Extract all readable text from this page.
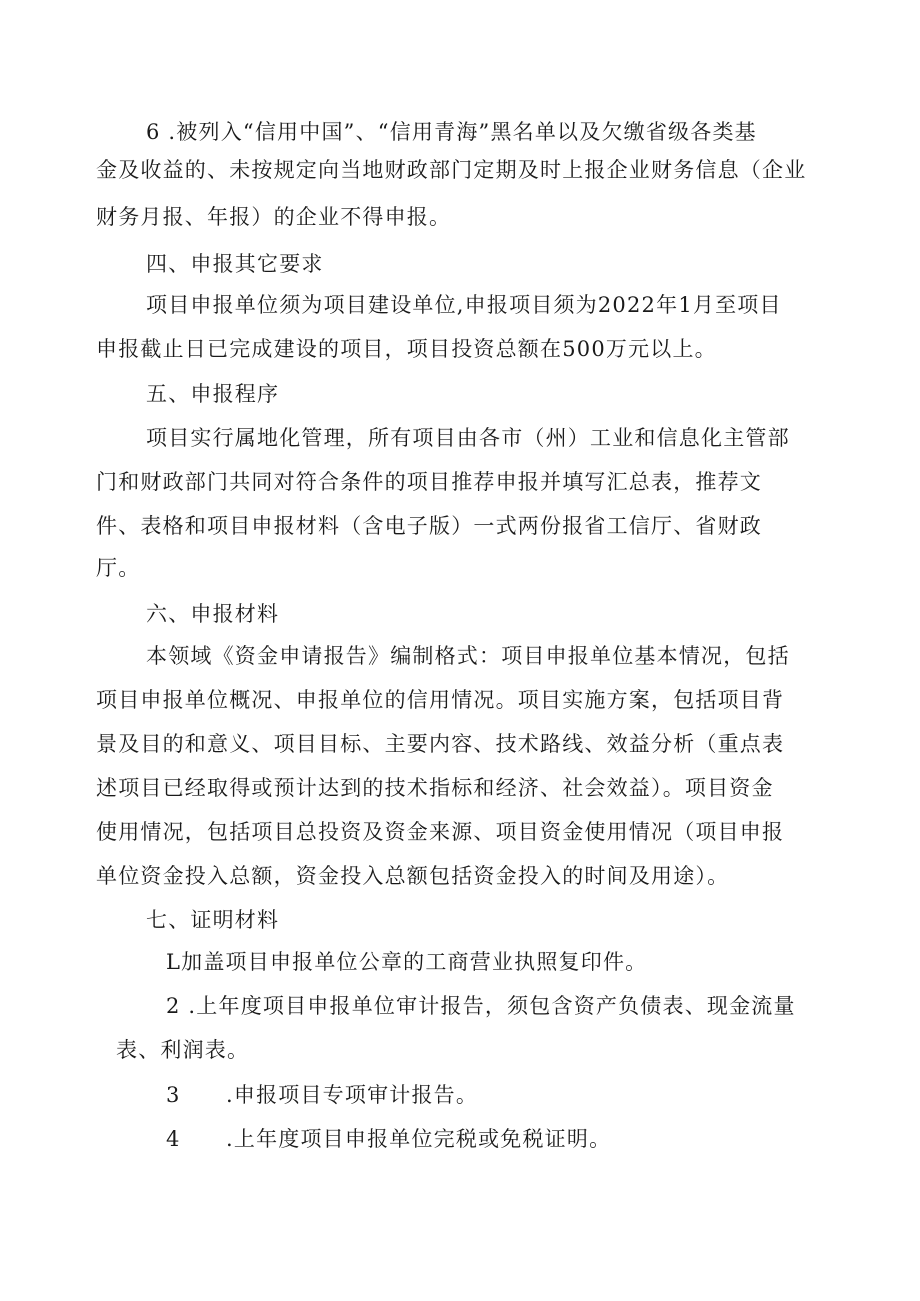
6 .被列入“信用中国”、“信用青海”黑名单以及欠缴省级各类基
金及收益的、未按规定向当地财政部门定期及时上报企业财务信息（企业
财务月报、年报）的企业不得申报。
四、申报其它要求
项目申报单位须为项目建设单位,申报项目须为2022年1月至项目
申报截止日已完成建设的项目，项目投资总额在500万元以上。
五、申报程序
项目实行属地化管理，所有项目由各市（州）工业和信息化主管部
门和财政部门共同对符合条件的项目推荐申报并填写汇总表，推荐文
件、表格和项目申报材料（含电子版）一式两份报省工信厅、省财政
厅。
六、申报材料
本领域《资金申请报告》编制格式：项目申报单位基本情况，包括
项目申报单位概况、申报单位的信用情况。项目实施方案，包括项目背
景及目的和意义、项目目标、主要内容、技术路线、效益分析（重点表
述项目已经取得或预计达到的技术指标和经济、社会效益）。项目资金
使用情况，包括项目总投资及资金来源、项目资金使用情况（项目申报
单位资金投入总额，资金投入总额包括资金投入的时间及用途）。
七、证明材料
L加盖项目申报单位公章的工商营业执照复印件。
2 .上年度项目申报单位审计报告，须包含资产负债表、现金流量
表、利润表。
3 .申报项目专项审计报告。
4 .上年度项目申报单位完税或免税证明。
